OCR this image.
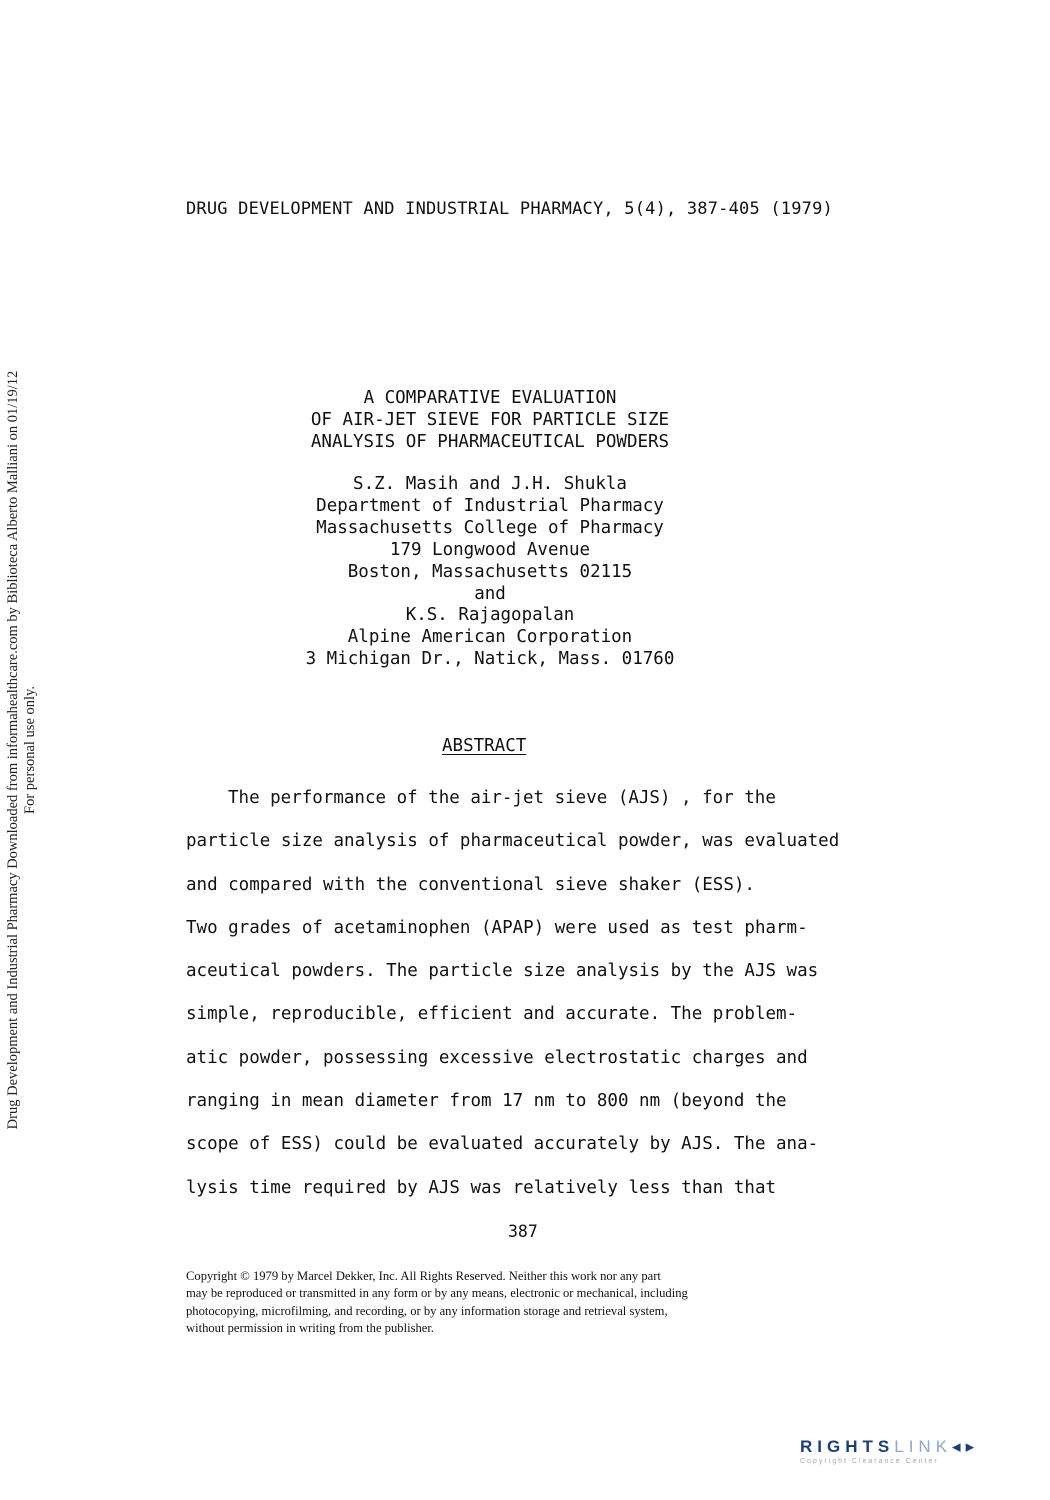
Drug Development and Industrial Pharmacy Downloaded from informahealthcare.com by Biblioteca Alberto Malliani on 01/19/12 For personal use only.
DRUG DEVELOPMENT AND INDUSTRIAL PHARMACY, 5(4), 387-405 (1979)
A COMPARATIVE EVALUATION
OF AIR-JET SIEVE FOR PARTICLE SIZE
ANALYSIS OF PHARMACEUTICAL POWDERS
S.Z. Masih and J.H. Shukla
Department of Industrial Pharmacy
Massachusetts College of Pharmacy
179 Longwood Avenue
Boston, Massachusetts 02115
and
K.S. Rajagopalan
Alpine American Corporation
3 Michigan Dr., Natick, Mass. 01760
ABSTRACT
The performance of the air-jet sieve (AJS) , for the
particle size analysis of pharmaceutical powder, was evaluated
and compared with the conventional sieve shaker (ESS).
Two grades of acetaminophen (APAP) were used as test pharm-
aceutical powders. The particle size analysis by the AJS was
simple, reproducible, efficient and accurate. The problem-
atic powder, possessing excessive electrostatic charges and
ranging in mean diameter from 17 nm to 800 nm (beyond the
scope of ESS) could be evaluated accurately by AJS. The ana-
lysis time required by AJS was relatively less than that
387
Copyright © 1979 by Marcel Dekker, Inc. All Rights Reserved. Neither this work nor any part
may be reproduced or transmitted in any form or by any means, electronic or mechanical, including
photocopying, microfilming, and recording, or by any information storage and retrieval system,
without permission in writing from the publisher.
RIGHTSLINK◂▸
Copyright Clearance Center
